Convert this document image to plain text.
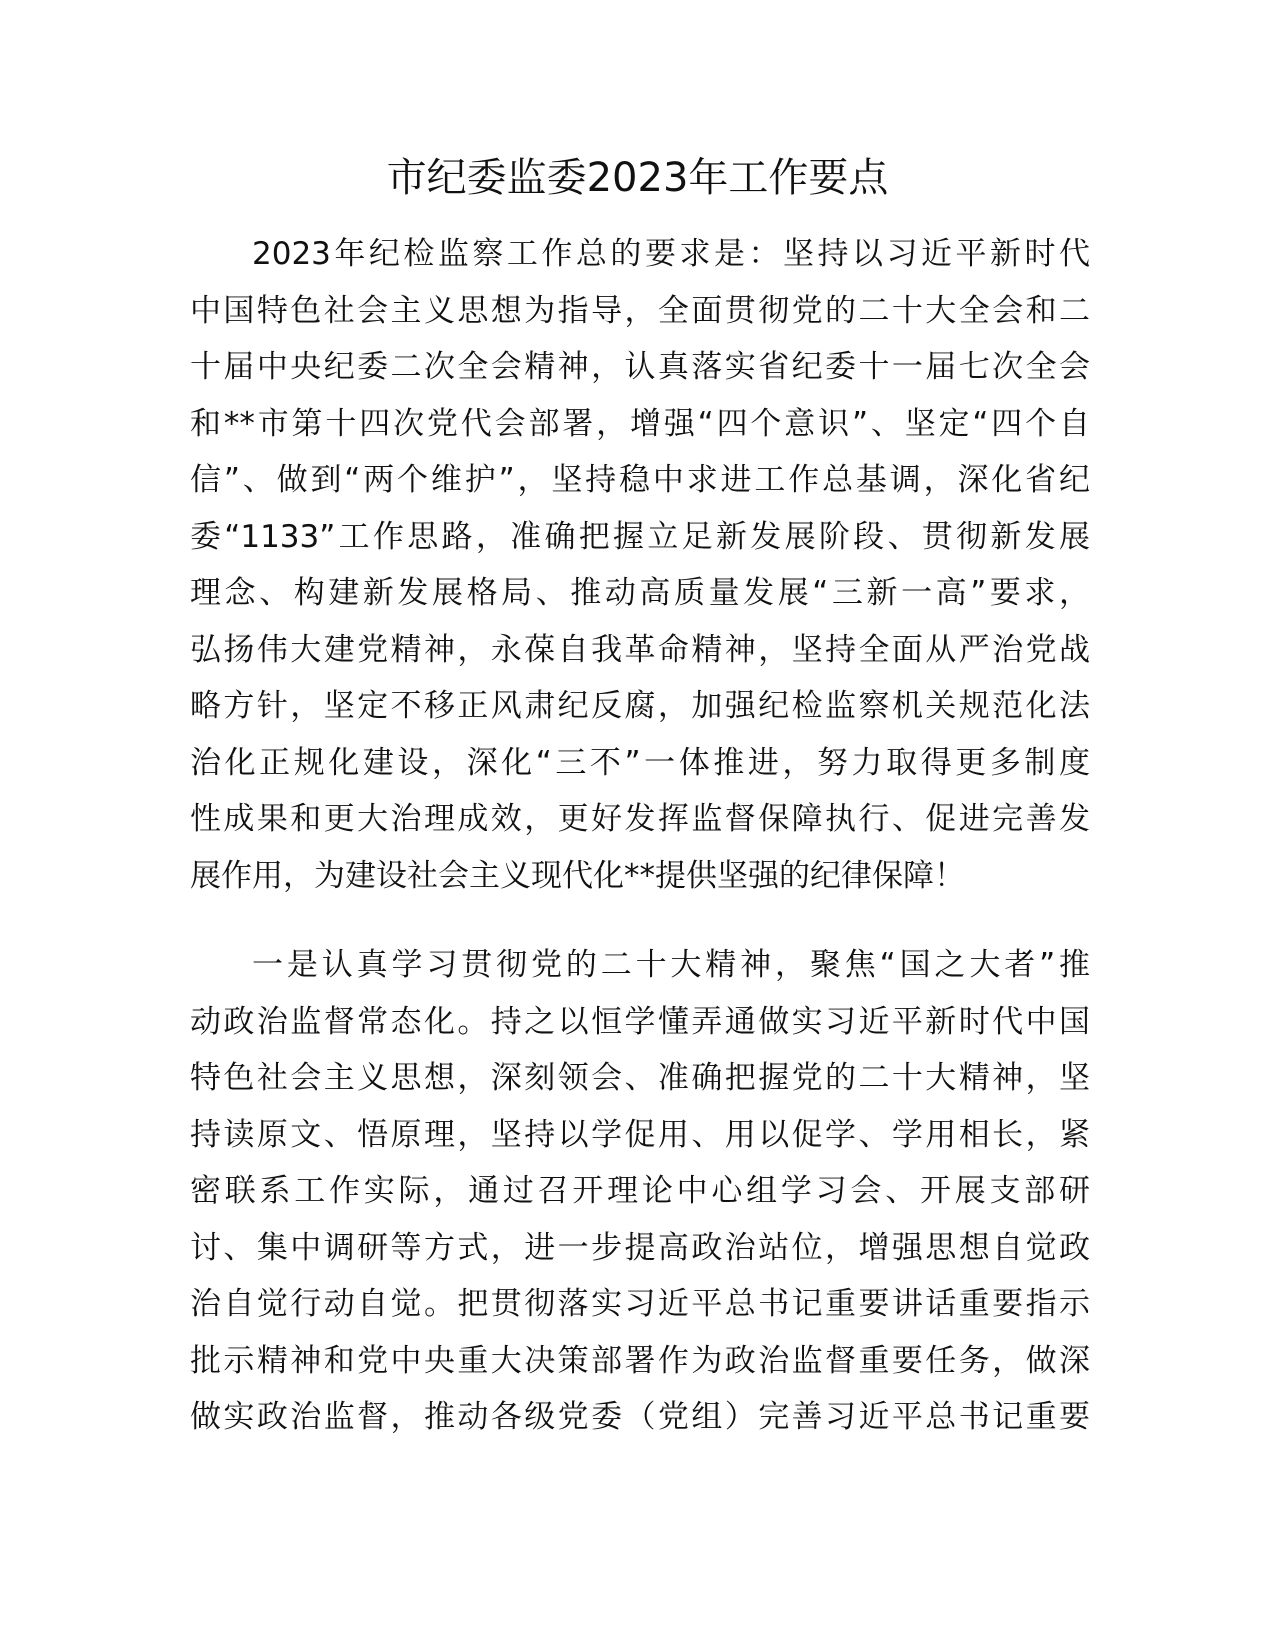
市纪委监委2023年工作要点
2023年纪检监察工作总的要求是：坚持以习近平新时代
中国特色社会主义思想为指导，全面贯彻党的二十大全会和二
十届中央纪委二次全会精神，认真落实省纪委十一届七次全会
和**市第十四次党代会部署，增强“四个意识”、坚定“四个自
信”、做到“两个维护”，坚持稳中求进工作总基调，深化省纪
委“1133”工作思路，准确把握立足新发展阶段、贯彻新发展
理念、构建新发展格局、推动高质量发展“三新一高”要求，
弘扬伟大建党精神，永葆自我革命精神，坚持全面从严治党战
略方针，坚定不移正风肃纪反腐，加强纪检监察机关规范化法
治化正规化建设，深化“三不”一体推进，努力取得更多制度
性成果和更大治理成效，更好发挥监督保障执行、促进完善发
展作用，为建设社会主义现代化**提供坚强的纪律保障！
一是认真学习贯彻党的二十大精神，聚焦“国之大者”推
动政治监督常态化。持之以恒学懂弄通做实习近平新时代中国
特色社会主义思想，深刻领会、准确把握党的二十大精神，坚
持读原文、悟原理，坚持以学促用、用以促学、学用相长，紧
密联系工作实际，通过召开理论中心组学习会、开展支部研
讨、集中调研等方式，进一步提高政治站位，增强思想自觉政
治自觉行动自觉。把贯彻落实习近平总书记重要讲话重要指示
批示精神和党中央重大决策部署作为政治监督重要任务，做深
做实政治监督，推动各级党委（党组）完善习近平总书记重要
